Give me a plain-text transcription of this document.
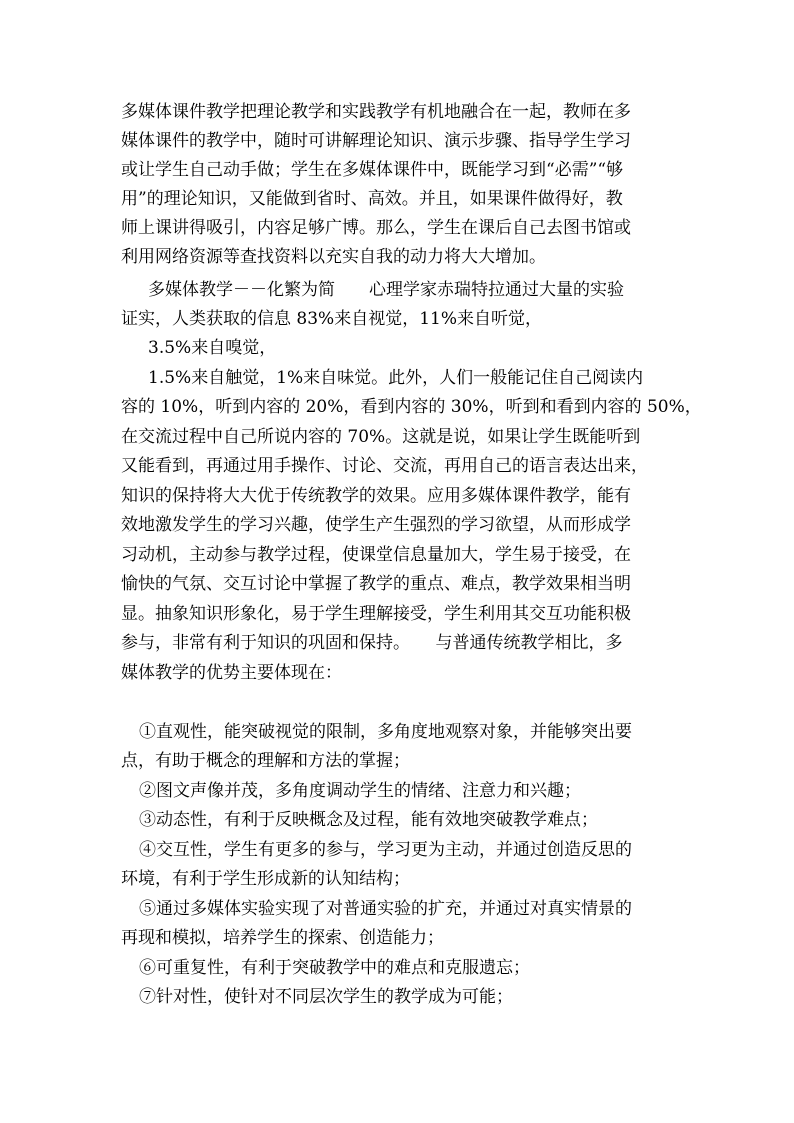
多媒体课件教学把理论教学和实践教学有机地融合在一起，教师在多
媒体课件的教学中，随时可讲解理论知识、演示步骤、指导学生学习
或让学生自己动手做；学生在多媒体课件中，既能学习到“必需”“够
用”的理论知识，又能做到省时、高效。并且，如果课件做得好，教
师上课讲得吸引，内容足够广博。那么，学生在课后自己去图书馆或
利用网络资源等查找资料以充实自我的动力将大大增加。
多媒体教学－－化繁为简　　心理学家赤瑞特拉通过大量的实验
证实，人类获取的信息 83%来自视觉，11%来自听觉，
3.5%来自嗅觉，
1.5%来自触觉，1%来自味觉。此外，人们一般能记住自己阅读内
容的 10%，听到内容的 20%，看到内容的 30%，听到和看到内容的 50%，
在交流过程中自己所说内容的 70%。这就是说，如果让学生既能听到
又能看到，再通过用手操作、讨论、交流，再用自己的语言表达出来，
知识的保持将大大优于传统教学的效果。应用多媒体课件教学，能有
效地激发学生的学习兴趣，使学生产生强烈的学习欲望，从而形成学
习动机，主动参与教学过程，使课堂信息量加大，学生易于接受，在
愉快的气氛、交互讨论中掌握了教学的重点、难点，教学效果相当明
显。抽象知识形象化，易于学生理解接受，学生利用其交互功能积极
参与，非常有利于知识的巩固和保持。　　与普通传统教学相比，多
媒体教学的优势主要体现在：
①直观性，能突破视觉的限制，多角度地观察对象，并能够突出要
点，有助于概念的理解和方法的掌握；
②图文声像并茂，多角度调动学生的情绪、注意力和兴趣；
③动态性，有利于反映概念及过程，能有效地突破教学难点；
④交互性，学生有更多的参与，学习更为主动，并通过创造反思的
环境，有利于学生形成新的认知结构；
⑤通过多媒体实验实现了对普通实验的扩充，并通过对真实情景的
再现和模拟，培养学生的探索、创造能力；
⑥可重复性，有利于突破教学中的难点和克服遗忘；
⑦针对性，使针对不同层次学生的教学成为可能；
